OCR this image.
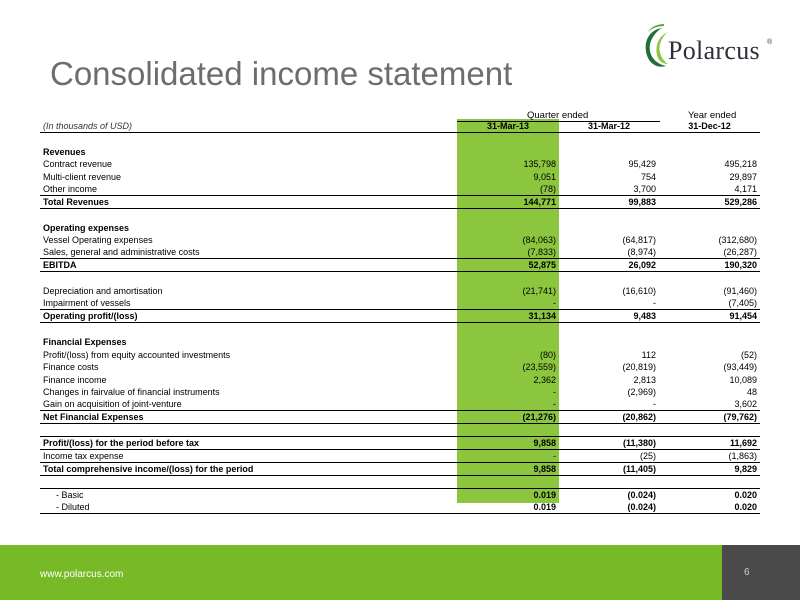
Polarcus ®
Consolidated income statement
Quarter ended	Year ended
(In thousands of USD)	31-Mar-13	31-Mar-12	31-Dec-12

Revenues			
Contract revenue	135,798	95,429	495,218
Multi-client revenue	9,051	754	29,897
Other income	(78)	3,700	4,171
Total Revenues	144,771	99,883	529,286

Operating expenses			
Vessel Operating expenses	(84,063)	(64,817)	(312,680)
Sales, general and administrative costs	(7,833)	(8,974)	(26,287)
EBITDA	52,875	26,092	190,320

Depreciation and amortisation	(21,741)	(16,610)	(91,460)
Impairment of vessels	-	-	(7,405)
Operating profit/(loss)	31,134	9,483	91,454

Financial Expenses			
Profit/(loss) from equity accounted investments	(80)	112	(52)
Finance costs	(23,559)	(20,819)	(93,449)
Finance income	2,362	2,813	10,089
Changes in fairvalue of financial instruments	-	(2,969)	48
Gain on acquisition of joint-venture	-	-	3,602
Net Financial Expenses	(21,276)	(20,862)	(79,762)

Profit/(loss) for the period before tax	9,858	(11,380)	11,692
Income tax expense	-	(25)	(1,863)
Total comprehensive income/(loss) for the period	9,858	(11,405)	9,829

- Basic	0.019	(0.024)	0.020
- Diluted	0.019	(0.024)	0.020
www.polarcus.com	6
